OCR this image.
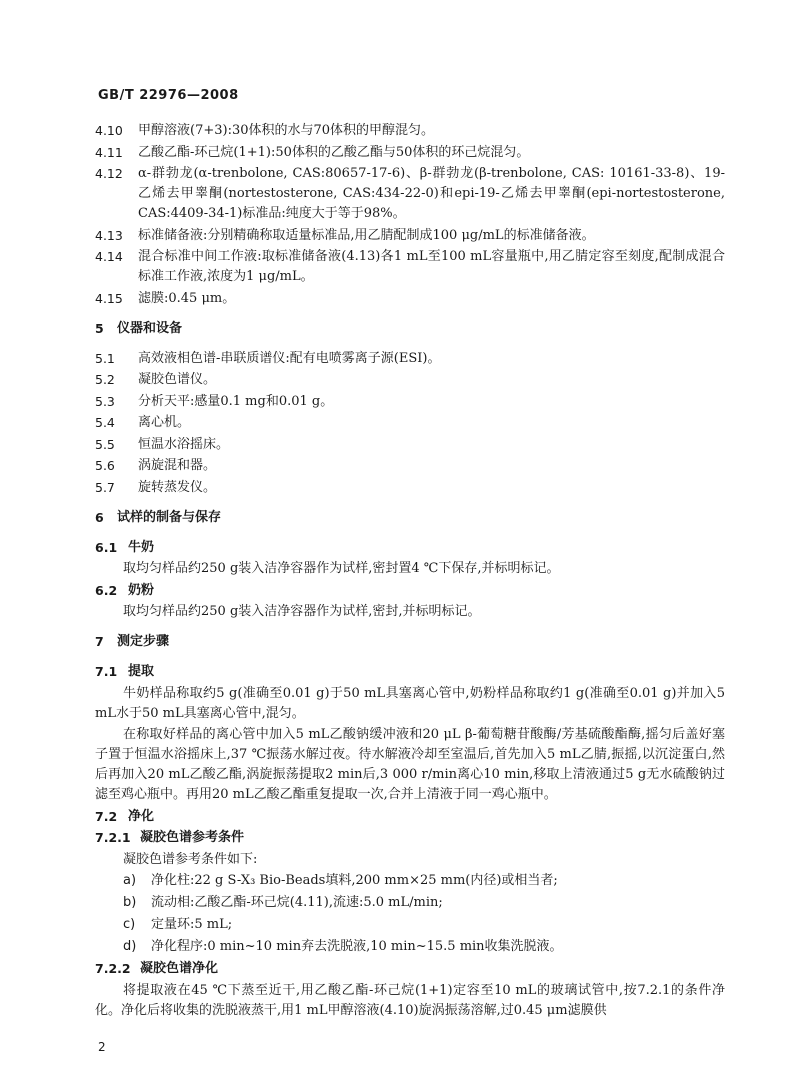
GB/T 22976—2008
4.10	甲醇溶液(7+3):30体积的水与70体积的甲醇混匀。
4.11	乙酸乙酯-环己烷(1+1):50体积的乙酸乙酯与50体积的环己烷混匀。
4.12	α-群勃龙(α-trenbolone, CAS:80657-17-6)、β-群勃龙(β-trenbolone, CAS: 10161-33-8)、19-乙烯去甲睾酮(nortestosterone, CAS:434-22-0)和epi-19-乙烯去甲睾酮(epi-nortestosterone, CAS:4409-34-1)标准品:纯度大于等于98%。
4.13	标准储备液:分别精确称取适量标准品,用乙腈配制成100 μg/mL的标准储备液。
4.14	混合标准中间工作液:取标准储备液(4.13)各1 mL至100 mL容量瓶中,用乙腈定容至刻度,配制成混合标准工作液,浓度为1 μg/mL。
4.15	滤膜:0.45 μm。
5	仪器和设备
5.1	高效液相色谱-串联质谱仪:配有电喷雾离子源(ESI)。
5.2	凝胶色谱仪。
5.3	分析天平:感量0.1 mg和0.01 g。
5.4	离心机。
5.5	恒温水浴摇床。
5.6	涡旋混和器。
5.7	旋转蒸发仪。
6	试样的制备与保存
6.1 牛奶
取均匀样品约250 g装入洁净容器作为试样,密封置4 ℃下保存,并标明标记。
6.2 奶粉
取均匀样品约250 g装入洁净容器作为试样,密封,并标明标记。
7	测定步骤
7.1 提取
牛奶样品称取约5 g(准确至0.01 g)于50 mL具塞离心管中,奶粉样品称取约1 g(准确至0.01 g)并加入5 mL水于50 mL具塞离心管中,混匀。
在称取好样品的离心管中加入5 mL乙酸钠缓冲液和20 μL β-葡萄糖苷酸酶/芳基硫酸酯酶,摇匀后盖好塞子置于恒温水浴摇床上,37 ℃振荡水解过夜。待水解液冷却至室温后,首先加入5 mL乙腈,振摇,以沉淀蛋白,然后再加入20 mL乙酸乙酯,涡旋振荡提取2 min后,3 000 r/min离心10 min,移取上清液通过5 g无水硫酸钠过滤至鸡心瓶中。再用20 mL乙酸乙酯重复提取一次,合并上清液于同一鸡心瓶中。
7.2 净化
7.2.1 凝胶色谱参考条件
凝胶色谱参考条件如下:
a)	净化柱:22 g S-X₃ Bio-Beads填料,200 mm×25 mm(内径)或相当者;
b)	流动相:乙酸乙酯-环己烷(4.11),流速:5.0 mL/min;
c)	定量环:5 mL;
d)	净化程序:0 min~10 min弃去洗脱液,10 min~15.5 min收集洗脱液。
7.2.2 凝胶色谱净化
将提取液在45 ℃下蒸至近干,用乙酸乙酯-环己烷(1+1)定容至10 mL的玻璃试管中,按7.2.1的条件净化。净化后将收集的洗脱液蒸干,用1 mL甲醇溶液(4.10)旋涡振荡溶解,过0.45 μm滤膜供
2
